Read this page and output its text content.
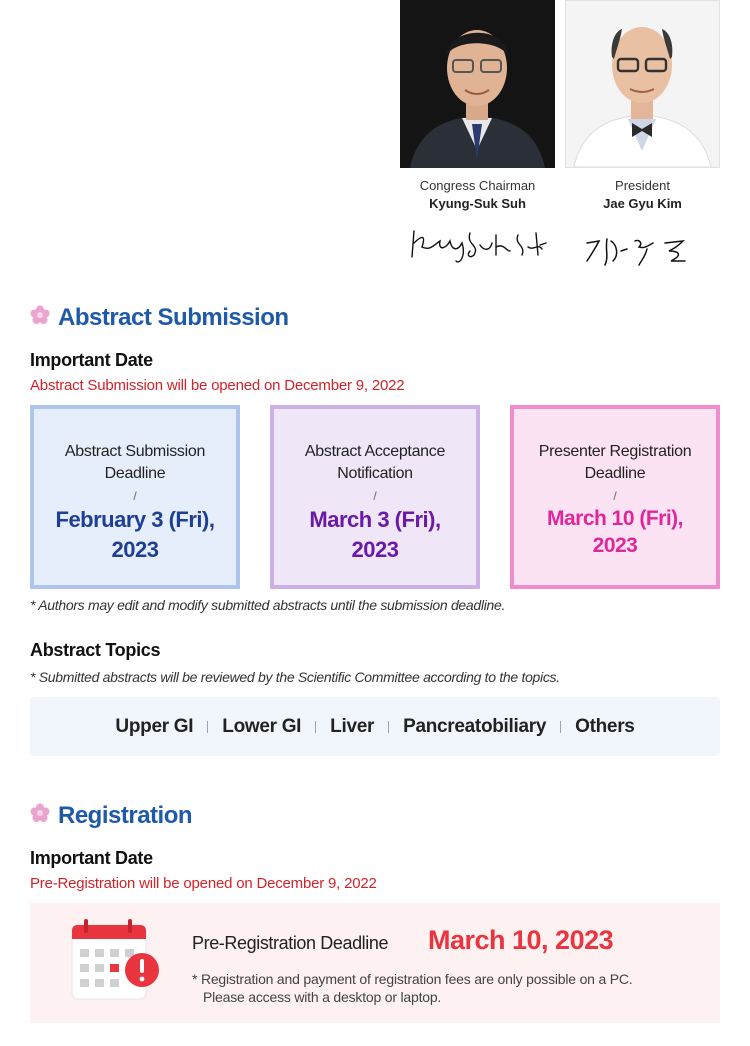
Congress Chairman
Kyung-Suk Suh
President
Jae Gyu Kim
Abstract Submission
Important Date
Abstract Submission will be opened on December 9, 2022
Abstract Submission
Deadline
/
February 3 (Fri),
2023
Abstract Acceptance
Notification
/
March 3 (Fri),
2023
Presenter Registration
Deadline
/
March 10 (Fri),
2023
* Authors may edit and modify submitted abstracts until the submission deadline.
Abstract Topics
* Submitted abstracts will be reviewed by the Scientific Committee according to the topics.
Upper GI Lower GI Liver Pancreatobiliary Others
Registration
Important Date
Pre-Registration will be opened on December 9, 2022
Pre-Registration Deadline March 10, 2023
* Registration and payment of registration fees are only possible on a PC.
Please access with a desktop or laptop.
